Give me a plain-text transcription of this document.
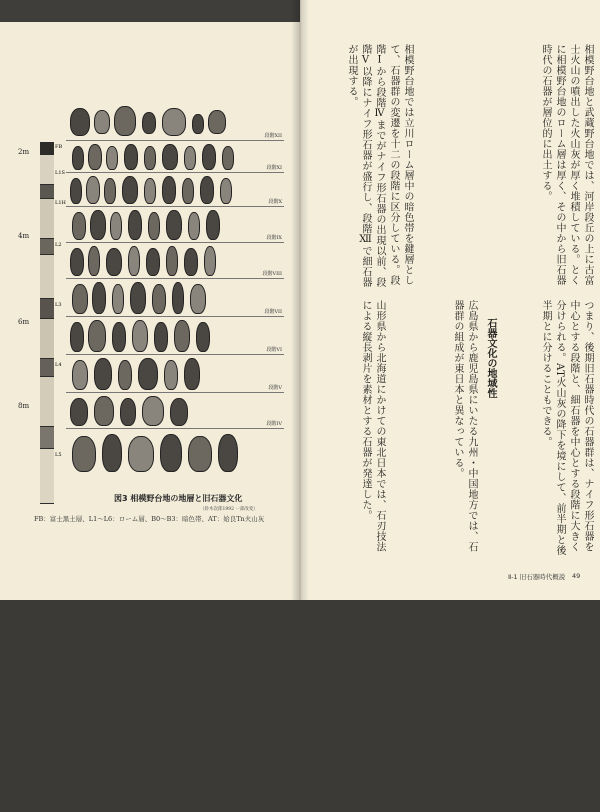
2m
4m
6m
8m
FB
L1S
L1H
L2
L3
L4
L5
段階XII
段階XI
段階X
段階IX
段階VIII
段階VII
段階VI
段階V
段階IV
図3 相模野台地の地層と旧石器文化
（鈴木次郎1992 一部改変）
FB：富士黒土層、L1〜L6：ローム層、B0〜B3：暗色帯、AT：姶良Tn火山灰
相模野台地と武蔵野台地では、河岸段丘の上に古富士火山の噴出した火山灰が厚く堆積している。とくに相模野台地のローム層は厚く、その中から旧石器時代の石器が層位的に出土する。
相模野台地では立川ローム層中の暗色帯を鍵層として、石器群の変遷を十二の段階に区分している。段階Ⅰから段階Ⅳまでがナイフ形石器の出現以前、段階Ⅴ以降にナイフ形石器が盛行し、段階Ⅻで細石器が出現する。
つまり、後期旧石器時代の石器群は、ナイフ形石器を中心とする段階と、細石器を中心とする段階に大きく分けられる。AT火山灰の降下を境にして、前半期と後半期とに分けることもできる。
石器文化の地域性
広島県から鹿児島県にいたる九州・中国地方では、石器群の組成が東日本と異なっている。
山形県から北海道にかけての東北日本では、石刃技法による縦長剥片を素材とする石器が発達した。
Ⅱ-1 旧石器時代概説 49
